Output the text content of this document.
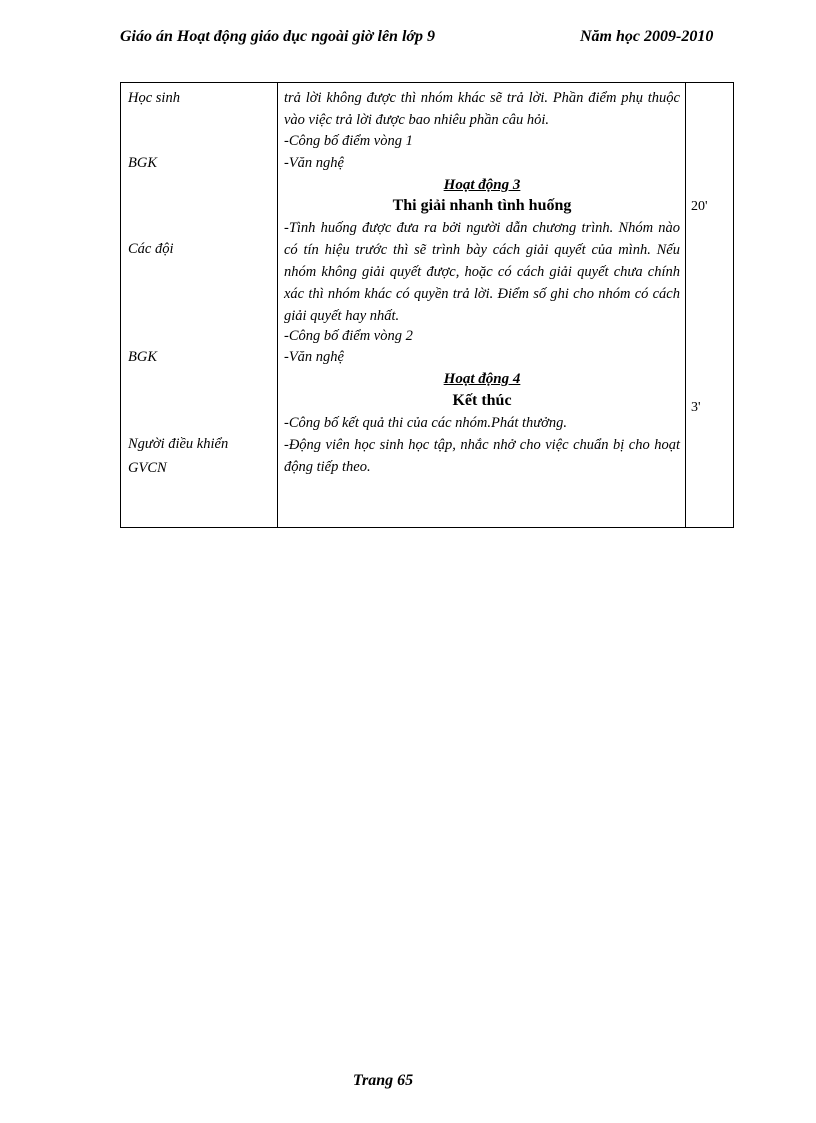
Giáo án Hoạt động giáo dục ngoài giờ lên lớp 9	Năm học 2009-2010
Học sinh
BGK
Các đội
BGK
Người điều khiển
GVCN
trả lời không được thì nhóm khác sẽ trả lời. Phần điểm phụ thuộc vào việc trả lời được bao nhiêu phần câu hỏi.
-Công bố điểm vòng 1
-Văn nghệ
Hoạt động 3
Thi giải nhanh tình huống
-Tình huống được đưa ra bởi người dẫn chương trình. Nhóm nào có tín hiệu trước thì sẽ trình bày cách giải quyết của mình. Nếu nhóm không giải quyết được, hoặc có cách giải quyết chưa chính xác thì nhóm khác có quyền trả lời. Điểm số ghi cho nhóm có cách giải quyết hay nhất.
-Công bố điểm vòng 2
-Văn nghệ
Hoạt động 4
Kết thúc
-Công bố kết quả thi của các nhóm.Phát thưởng.
-Động viên học sinh học tập, nhắc nhở cho việc chuẩn bị cho hoạt động tiếp theo.
20'
3'
Trang 65
